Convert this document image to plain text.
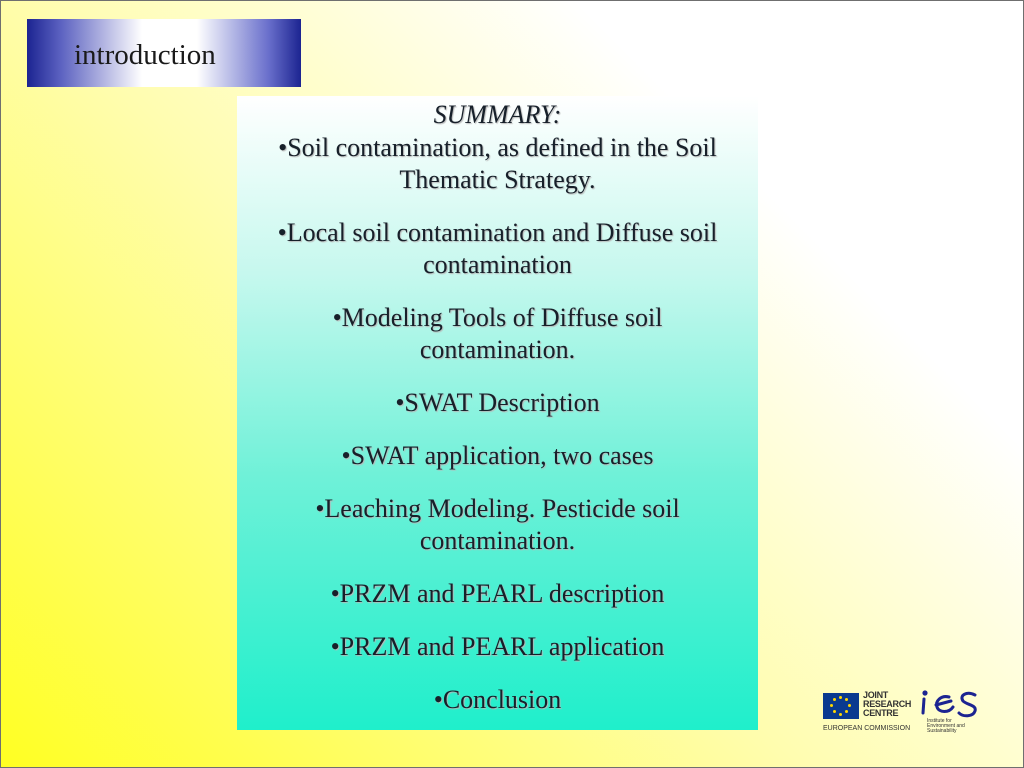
introduction
SUMMARY:
•Soil contamination, as defined in the Soil Thematic Strategy.
•Local soil contamination and Diffuse soil contamination
•Modeling Tools of Diffuse soil contamination.
•SWAT Description
•SWAT application, two cases
•Leaching Modeling. Pesticide soil contamination.
•PRZM and PEARL description
•PRZM and PEARL application
•Conclusion	JOINT
RESEARCH
CENTRE
EUROPEAN COMMISSION
Institute for
Environment and
Sustainability
